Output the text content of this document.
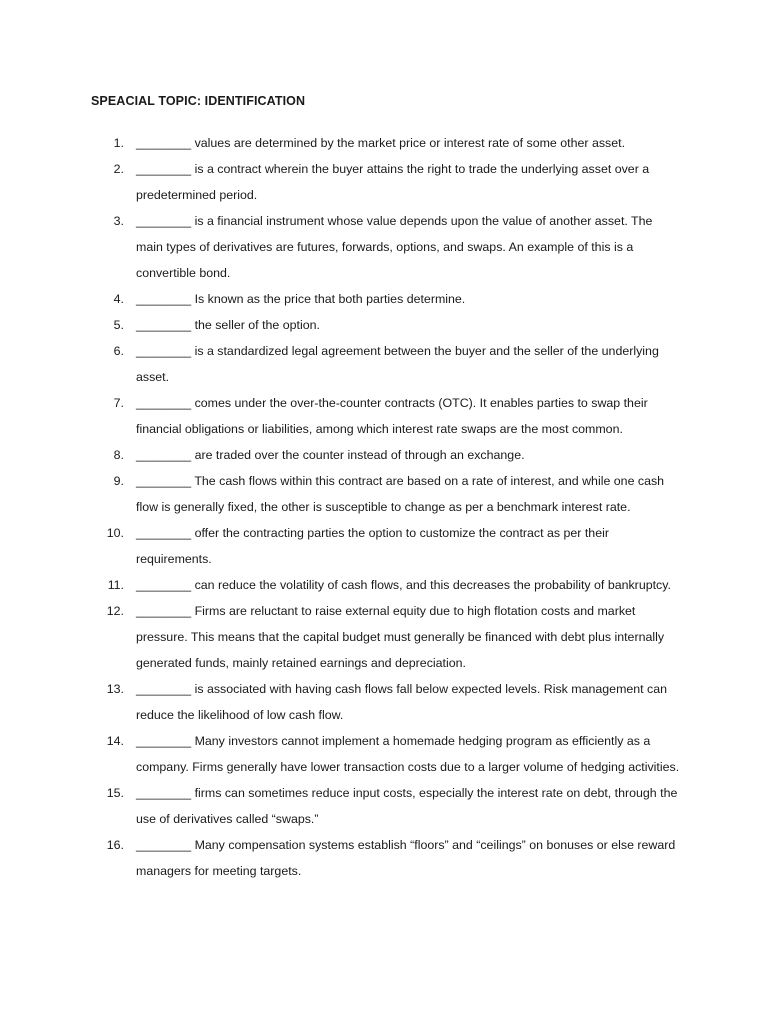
SPEACIAL TOPIC: IDENTIFICATION
1. ________ values are determined by the market price or interest rate of some other asset.
2. ________ is a contract wherein the buyer attains the right to trade the underlying asset over a predetermined period.
3. ________ is a financial instrument whose value depends upon the value of another asset. The main types of derivatives are futures, forwards, options, and swaps. An example of this is a convertible bond.
4. ________ Is known as the price that both parties determine.
5. ________ the seller of the option.
6. ________ is a standardized legal agreement between the buyer and the seller of the underlying asset.
7. ________ comes under the over-the-counter contracts (OTC). It enables parties to swap their financial obligations or liabilities, among which interest rate swaps are the most common.
8. ________ are traded over the counter instead of through an exchange.
9. ________ The cash flows within this contract are based on a rate of interest, and while one cash flow is generally fixed, the other is susceptible to change as per a benchmark interest rate.
10. ________ offer the contracting parties the option to customize the contract as per their requirements.
11. ________ can reduce the volatility of cash flows, and this decreases the probability of bankruptcy.
12. ________ Firms are reluctant to raise external equity due to high flotation costs and market pressure. This means that the capital budget must generally be financed with debt plus internally generated funds, mainly retained earnings and depreciation.
13. ________ is associated with having cash flows fall below expected levels. Risk management can reduce the likelihood of low cash flow.
14. ________ Many investors cannot implement a homemade hedging program as efficiently as a company. Firms generally have lower transaction costs due to a larger volume of hedging activities.
15. ________ firms can sometimes reduce input costs, especially the interest rate on debt, through the use of derivatives called “swaps.”
16. ________ Many compensation systems establish “floors” and “ceilings” on bonuses or else reward managers for meeting targets.
